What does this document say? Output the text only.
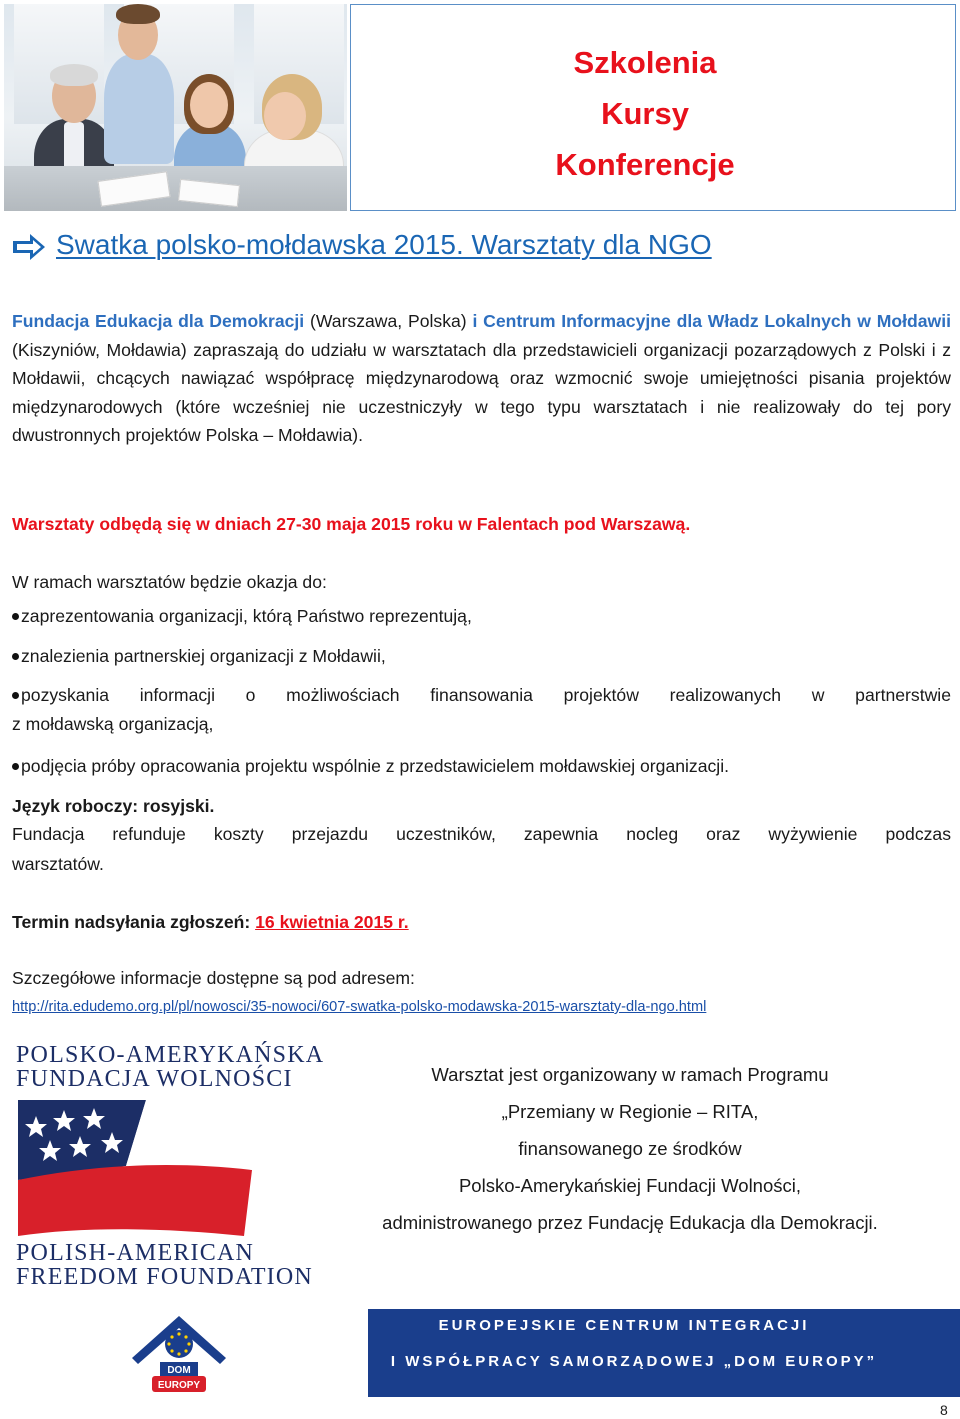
Szkolenia
Kursy
Konferencje
Swatka polsko-mołdawska 2015. Warsztaty dla NGO
Fundacja Edukacja dla Demokracji (Warszawa, Polska) i Centrum Informacyjne dla Władz Lokalnych w Mołdawii (Kiszyniów, Mołdawia) zapraszają do udziału w warsztatach dla przedstawicieli organizacji pozarządowych z Polski i z Mołdawii, chcących nawiązać współpracę międzynarodową oraz wzmocnić swoje umiejętności pisania projektów międzynarodowych (które wcześniej nie uczestniczyły w tego typu warsztatach i nie realizowały do tej pory dwustronnych projektów Polska – Mołdawia).
Warsztaty odbędą się w dniach 27-30 maja 2015 roku w Falentach pod Warszawą.
W ramach warsztatów będzie okazja do:
zaprezentowania organizacji, którą Państwo reprezentują,
znalezienia partnerskiej organizacji z Mołdawii,
pozyskania informacji o możliwościach finansowania projektów realizowanych w partnerstwie
z mołdawską organizacją,
podjęcia próby opracowania projektu wspólnie z przedstawicielem mołdawskiej organizacji.
Język roboczy: rosyjski.
Fundacja refunduje koszty przejazdu uczestników, zapewnia nocleg oraz wyżywienie podczas
warsztatów.
Termin nadsyłania zgłoszeń: 16 kwietnia 2015 r.
Szczegółowe informacje dostępne są pod adresem:
http://rita.edudemo.org.pl/pl/nowosci/35-nowoci/607-swatka-polsko-modawska-2015-warsztaty-dla-ngo.html
POLSKO-AMERYKAŃSKA
FUNDACJA WOLNOŚCI
POLISH-AMERICAN
FREEDOM FOUNDATION
Warsztat jest organizowany w ramach Programu
„Przemiany w Regionie – RITA,
finansowanego ze środków
Polsko-Amerykańskiej Fundacji Wolności,
administrowanego przez Fundację Edukacja dla Demokracji.
DOM
EUROPY
EUROPEJSKIE CENTRUM INTEGRACJI
I WSPÓŁPRACY SAMORZĄDOWEJ „DOM EUROPY”
8
